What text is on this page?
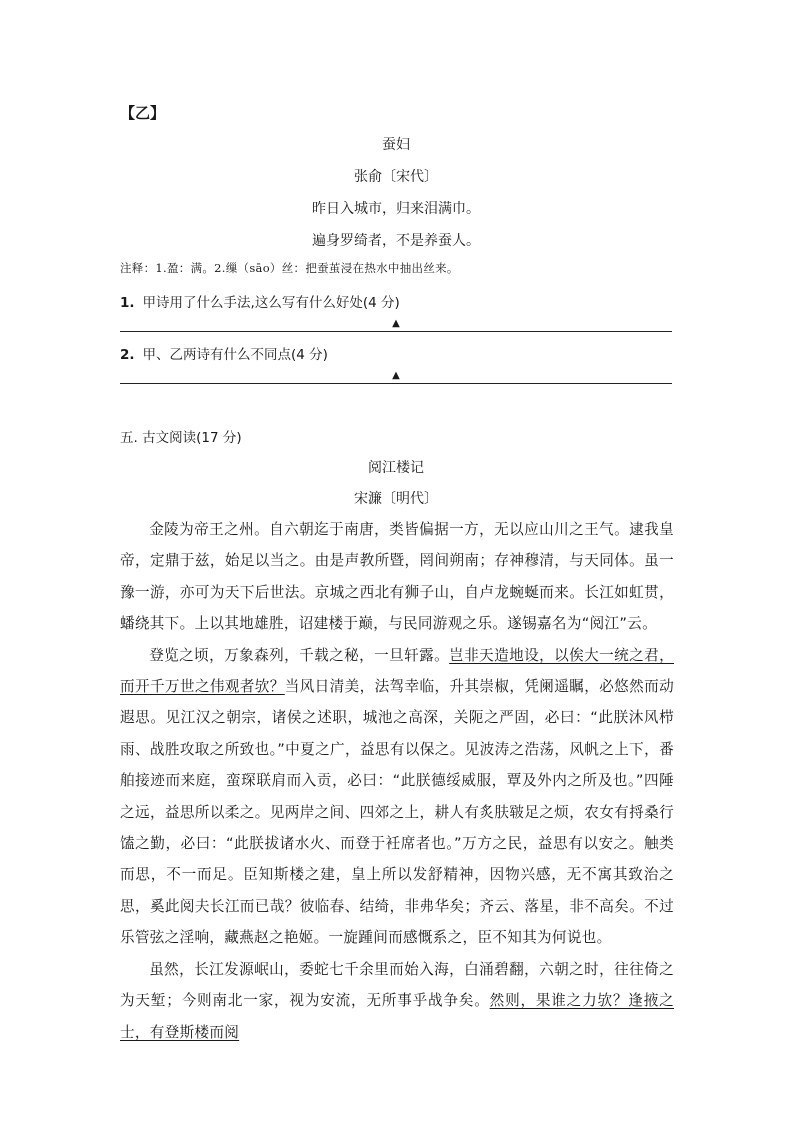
【乙】
蚕妇
张俞〔宋代〕
昨日入城市，归来泪满巾。
遍身罗绮者，不是养蚕人。
注释：1.盈：满。2.缫（sāo）丝：把蚕茧浸在热水中抽出丝来。
1. 甲诗用了什么手法,这么写有什么好处(4 分)
▲
2. 甲、乙两诗有什么不同点(4 分)
▲
五. 古文阅读(17 分)
阅江楼记
宋濂〔明代〕

金陵为帝王之州。自六朝迄于南唐，类皆偏据一方，无以应山川之王气。逮我皇帝，定鼎于兹，始足以当之。由是声教所暨，罔间朔南；存神穆清，与天同体。虽一豫一游，亦可为天下后世法。京城之西北有狮子山，自卢龙蜿蜒而来。长江如虹贯，蟠绕其下。上以其地雄胜，诏建楼于巅，与民同游观之乐。遂锡嘉名为“阅江”云。

登览之顷，万象森列，千载之秘，一旦轩露。岂非天造地设，以俟大一统之君，而开千万世之伟观者欤？当风日清美，法驾幸临，升其崇椒，凭阑遥瞩，必悠然而动遐思。见江汉之朝宗，诸侯之述职，城池之高深，关阨之严固，必曰：“此朕沐风栉雨、战胜攻取之所致也。”中夏之广，益思有以保之。见波涛之浩荡，风帆之上下，番舶接迹而来庭，蛮琛联肩而入贡，必曰：“此朕德绥威服，覃及外内之所及也。”四陲之远，益思所以柔之。见两岸之间、四郊之上，耕人有炙肤皲足之烦，农女有捋桑行馌之勤，必曰：“此朕拔诸水火、而登于衽席者也。”万方之民，益思有以安之。触类而思，不一而足。臣知斯楼之建，皇上所以发舒精神，因物兴感，无不寓其致治之思，奚此阅夫长江而已哉？彼临春、结绮，非弗华矣；齐云、落星，非不高矣。不过乐管弦之淫响，藏燕赵之艳姬。一旋踵间而感慨系之，臣不知其为何说也。

虽然，长江发源岷山，委蛇七千余里而始入海，白涌碧翻，六朝之时，往往倚之为天堑；今则南北一家，视为安流，无所事乎战争矣。然则，果谁之力欤？逢掖之士，有登斯楼而阅
